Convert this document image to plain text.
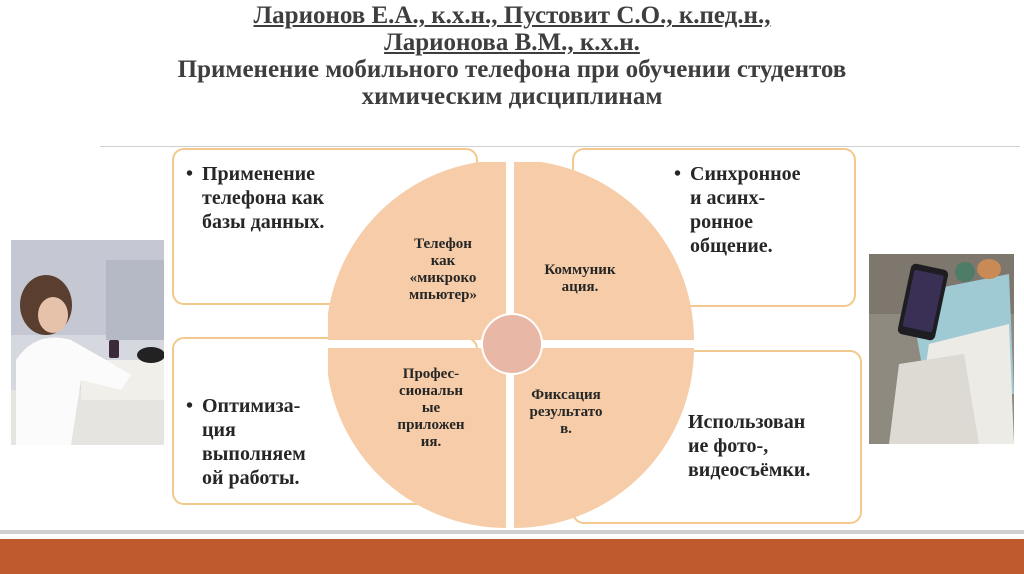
Ларионов Е.А., к.х.н., Пустовит С.О., к.пед.н.,
Ларионова В.М., к.х.н.
Применение мобильного телефона при обучении студентов
химическим дисциплинам
• Применение
телефона как
базы данных.
• Синхронное
и асинх-
ронное
общение.
• Оптимиза-
ция
выполняем
ой работы.
Использован
ие фото-,
видеосъёмки.
Телефон
как
«микроко
мпьютер»
Коммуник
ация.
Профес-
сиональн
ые
приложен
ия.
Фиксация
результато
в.
